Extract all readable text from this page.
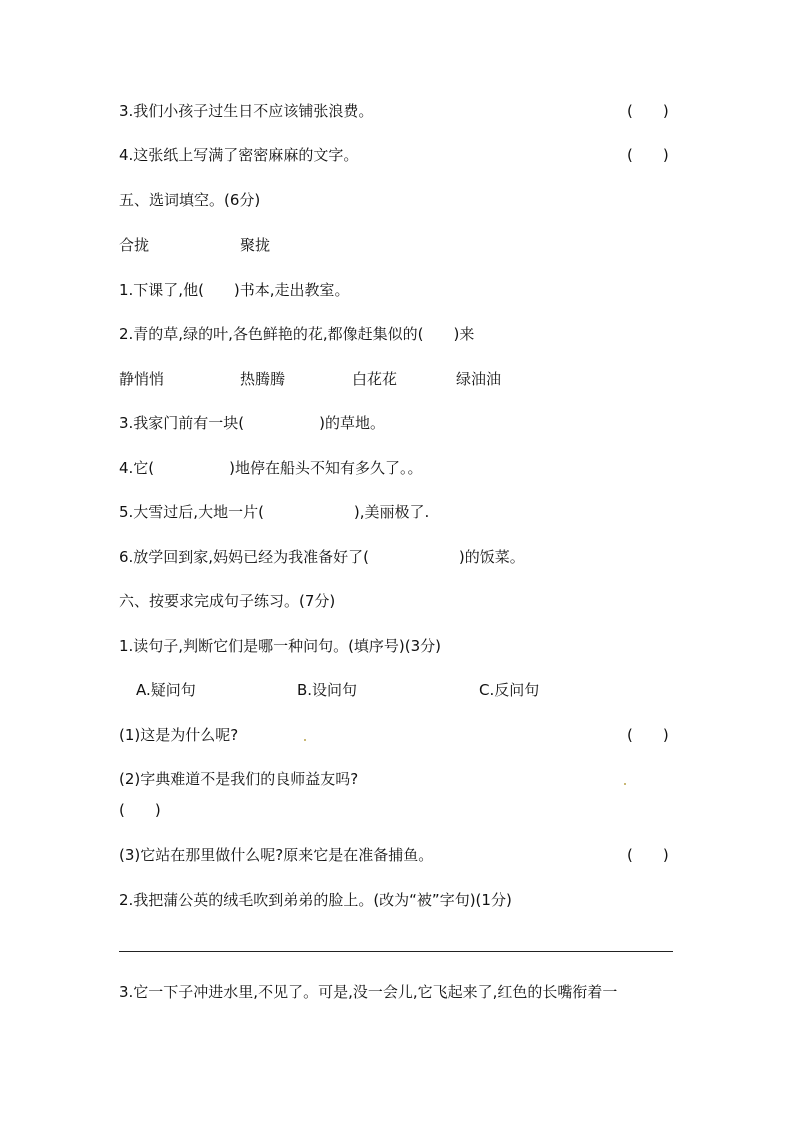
3.我们小孩子过生日不应该铺张浪费。	(　　)
4.这张纸上写满了密密麻麻的文字。	(　　)
五、选词填空。(6分)
合拢	聚拢
1.下课了,他(　　)书本,走出教室。
2.青的草,绿的叶,各色鲜艳的花,都像赶集似的(　　)来
静悄悄	热腾腾	白花花	绿油油
3.我家门前有一块(　　　　　)的草地。
4.它(　　　　　)地停在船头不知有多久了。。
5.大雪过后,大地一片(　　　　　　),美丽极了.
6.放学回到家,妈妈已经为我准备好了(　　　　　　)的饭菜。
六、按要求完成句子练习。(7分)
1.读句子,判断它们是哪一种问句。(填序号)(3分)
A.疑问句	B.设问句	C.反问句
(1)这是为什么呢?	(　　)
(2)字典难道不是我们的良师益友吗?
(　　)
(3)它站在那里做什么呢?原来它是在准备捕鱼。	(　　)
2.我把蒲公英的绒毛吹到弟弟的脸上。(改为“被”字句)(1分)
3.它一下子冲进水里,不见了。可是,没一会儿,它飞起来了,红色的长嘴衔着一
